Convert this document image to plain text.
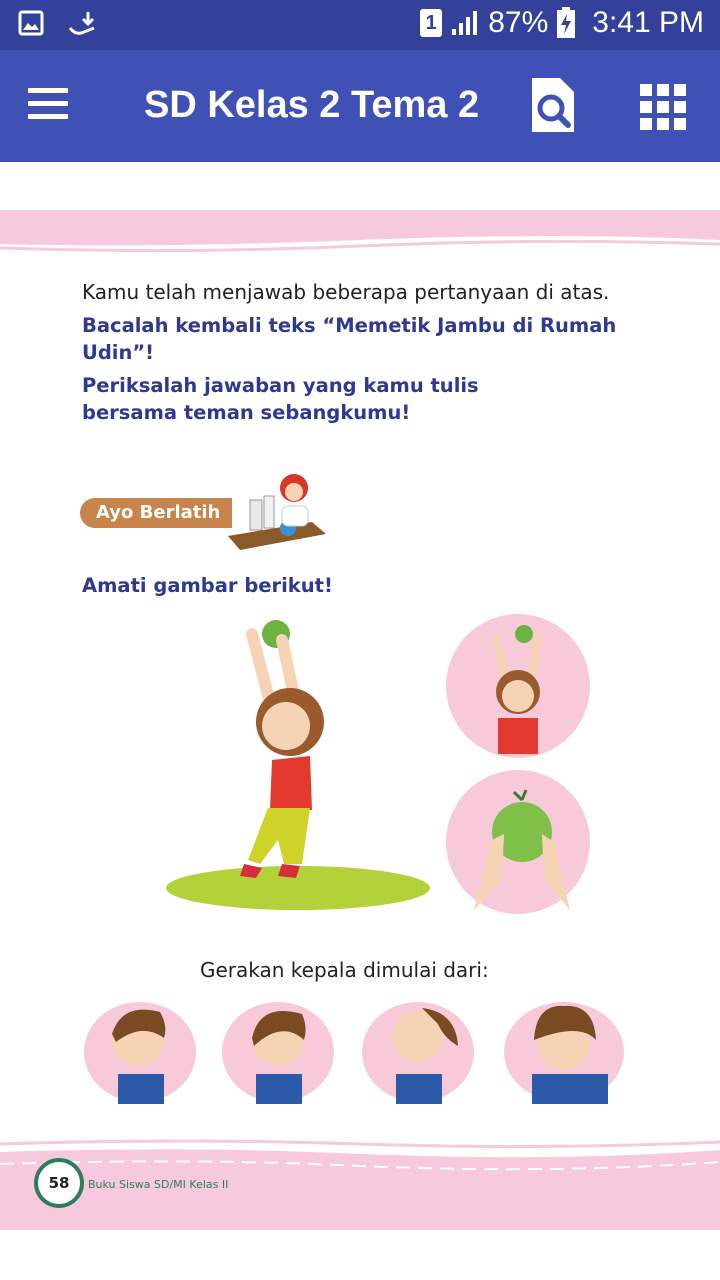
1 87% 3:41 PM
SD Kelas 2 Tema 2
Kamu telah menjawab beberapa pertanyaan di atas.
Bacalah kembali teks “Memetik Jambu di Rumah
Udin”!
Periksalah jawaban yang kamu tulis
bersama teman sebangkumu!
Ayo Berlatih
Amati gambar berikut!
Gerakan kepala dimulai dari:
58	Buku Siswa SD/MI Kelas II
